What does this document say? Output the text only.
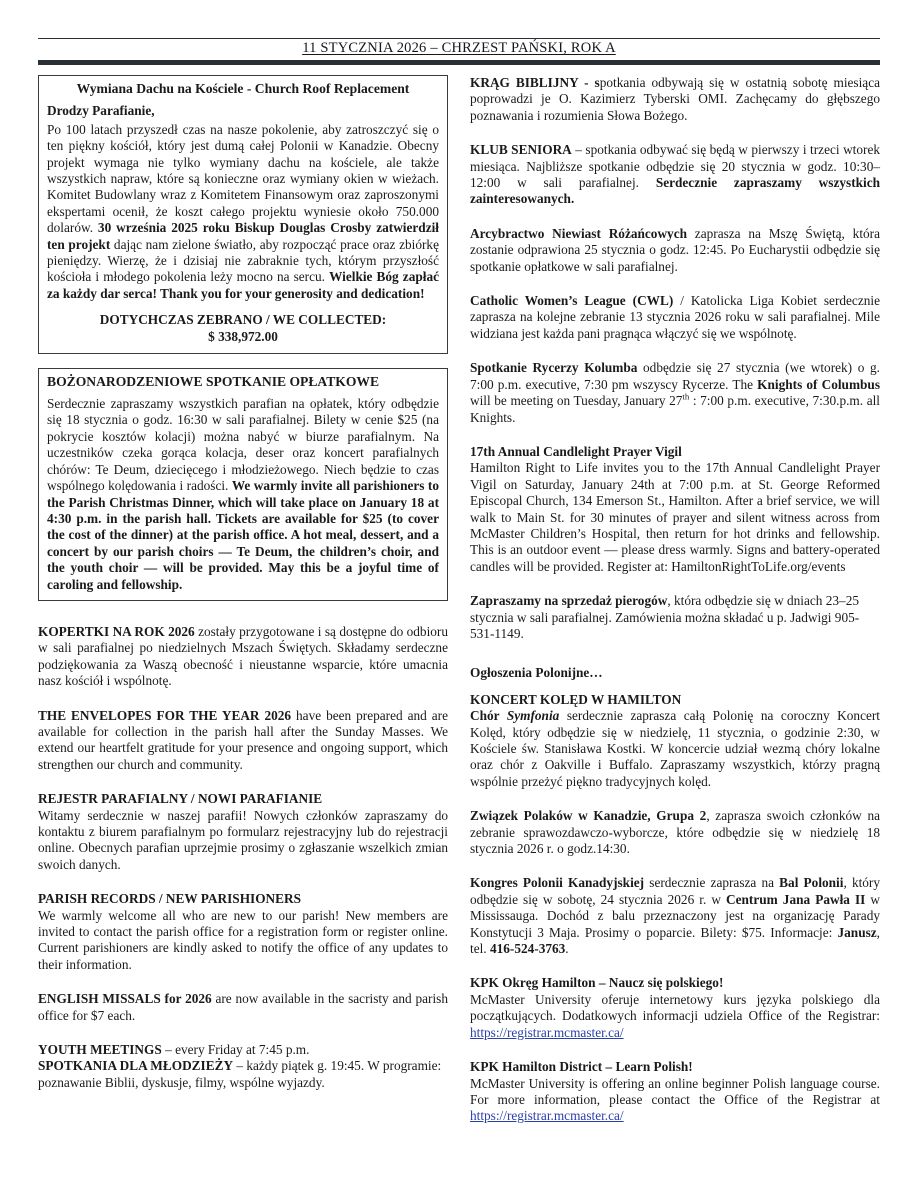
11 STYCZNIA 2026 – CHRZEST PAŃSKI, ROK A
Wymiana Dachu na Kościele - Church Roof Replacement

Drodzy Parafianie,

Po 100 latach przyszedł czas na nasze pokolenie, aby zatroszczyć się o ten piękny kościół, który jest dumą całej Polonii w Kanadzie. Obecny projekt wymaga nie tylko wymiany dachu na kościele, ale także wszystkich napraw, które są konieczne oraz wymiany okien w wieżach. Komitet Budowlany wraz z Komitetem Finansowym oraz zaproszonymi ekspertami ocenił, że koszt całego projektu wyniesie około 750.000 dolarów. 30 września 2025 roku Biskup Douglas Crosby zatwierdził ten projekt dając nam zielone światło, aby rozpocząć prace oraz zbiórkę pieniędzy. Wierzę, że i dzisiaj nie zabraknie tych, którym przyszłość kościoła i młodego pokolenia leży mocno na sercu. Wielkie Bóg zapłać za każdy dar serca! Thank you for your generosity and dedication!

DOTYCHCZAS ZEBRANO / WE COLLECTED:

$ 338,972.00

BOŻONARODZENIOWE SPOTKANIE OPŁATKOWE

Serdecznie zapraszamy wszystkich parafian na opłatek, który odbędzie się 18 stycznia o godz. 16:30 w sali parafialnej. Bilety w cenie $25 (na pokrycie kosztów kolacji) można nabyć w biurze parafialnym. Na uczestników czeka gorąca kolacja, deser oraz koncert parafialnych chórów: Te Deum, dziecięcego i młodzieżowego. Niech będzie to czas wspólnego kolędowania i radości. We warmly invite all parishioners to the Parish Christmas Dinner, which will take place on January 18 at 4:30 p.m. in the parish hall. Tickets are available for $25 (to cover the cost of the dinner) at the parish office. A hot meal, dessert, and a concert by our parish choirs — Te Deum, the children’s choir, and the youth choir — will be provided. May this be a joyful time of caroling and fellowship.

KOPERTKI NA ROK 2026 zostały przygotowane i są dostępne do odbioru w sali parafialnej po niedzielnych Mszach Świętych. Składamy serdeczne podziękowania za Waszą obecność i nieustanne wsparcie, które umacnia nasz kościół i wspólnotę.

THE ENVELOPES FOR THE YEAR 2026 have been prepared and are available for collection in the parish hall after the Sunday Masses. We extend our heartfelt gratitude for your presence and ongoing support, which strengthen our church and community.

REJESTR PARAFIALNY / NOWI PARAFIANIE

Witamy serdecznie w naszej parafii! Nowych członków zapraszamy do kontaktu z biurem parafialnym po formularz rejestracyjny lub do rejestracji online. Obecnych parafian uprzejmie prosimy o zgłaszanie wszelkich zmian swoich danych.

PARISH RECORDS / NEW PARISHIONERS

We warmly welcome all who are new to our parish! New members are invited to contact the parish office for a registration form or register online. Current parishioners are kindly asked to notify the office of any updates to their information.

ENGLISH MISSALS for 2026 are now available in the sacristy and parish office for $7 each.

YOUTH MEETINGS – every Friday at 7:45 p.m.

SPOTKANIA DLA MŁODZIEŻY – każdy piątek g. 19:45. W programie: poznawanie Biblii, dyskusje, filmy, wspólne wyjazdy.

KRĄG BIBLIJNY - spotkania odbywają się w ostatnią sobotę miesiąca poprowadzi je O. Kazimierz Tyberski OMI. Zachęcamy do głębszego poznawania i rozumienia Słowa Bożego.

KLUB SENIORA – spotkania odbywać się będą w pierwszy i trzeci wtorek miesiąca. Najbliższe spotkanie odbędzie się 20 stycznia w godz. 10:30–12:00 w sali parafialnej. Serdecznie zapraszamy wszystkich zainteresowanych.

Arcybractwo Niewiast Różańcowych zaprasza na Mszę Świętą, która zostanie odprawiona 25 stycznia o godz. 12:45. Po Eucharystii odbędzie się spotkanie opłatkowe w sali parafialnej.

Catholic Women’s League (CWL) / Katolicka Liga Kobiet serdecznie zaprasza na kolejne zebranie 13 stycznia 2026 roku w sali parafialnej. Mile widziana jest każda pani pragnąca włączyć się we wspólnotę.

Spotkanie Rycerzy Kolumba odbędzie się 27 stycznia (we wtorek) o g. 7:00 p.m. executive, 7:30 pm wszyscy Rycerze. The Knights of Columbus will be meeting on Tuesday, January 27th : 7:00 p.m. executive, 7:30.p.m. all Knights.

17th Annual Candlelight Prayer Vigil

Hamilton Right to Life invites you to the 17th Annual Candlelight Prayer Vigil on Saturday, January 24th at 7:00 p.m. at St. George Reformed Episcopal Church, 134 Emerson St., Hamilton. After a brief service, we will walk to Main St. for 30 minutes of prayer and silent witness across from McMaster Children’s Hospital, then return for hot drinks and fellowship. This is an outdoor event — please dress warmly. Signs and battery-operated candles will be provided. Register at: HamiltonRightToLife.org/events

Zapraszamy na sprzedaż pierogów, która odbędzie się w dniach 23–25 stycznia w sali parafialnej. Zamówienia można składać u p. Jadwigi 905-531-1149.

Ogłoszenia Polonijne…

KONCERT KOLĘD W HAMILTON

Chór Symfonia serdecznie zaprasza całą Polonię na coroczny Koncert Kolęd, który odbędzie się w niedzielę, 11 stycznia, o godzinie 2:30, w Kościele św. Stanisława Kostki. W koncercie udział wezmą chóry lokalne oraz chór z Oakville i Buffalo. Zapraszamy wszystkich, którzy pragną wspólnie przeżyć piękno tradycyjnych kolęd.

Związek Polaków w Kanadzie, Grupa 2, zaprasza swoich członków na zebranie sprawozdawczo-wyborcze, które odbędzie się w niedzielę 18 stycznia 2026 r. o godz.14:30.

Kongres Polonii Kanadyjskiej serdecznie zaprasza na Bal Polonii, który odbędzie się w sobotę, 24 stycznia 2026 r. w Centrum Jana Pawła II w Mississauga. Dochód z balu przeznaczony jest na organizację Parady Konstytucji 3 Maja. Prosimy o poparcie. Bilety: $75. Informacje: Janusz, tel. 416-524-3763.

KPK Okręg Hamilton – Naucz się polskiego!

McMaster University oferuje internetowy kurs języka polskiego dla początkujących. Dodatkowych informacji udziela Office of the Registrar: https://registrar.mcmaster.ca/

KPK Hamilton District – Learn Polish!

McMaster University is offering an online beginner Polish language course. For more information, please contact the Office of the Registrar at https://registrar.mcmaster.ca/
